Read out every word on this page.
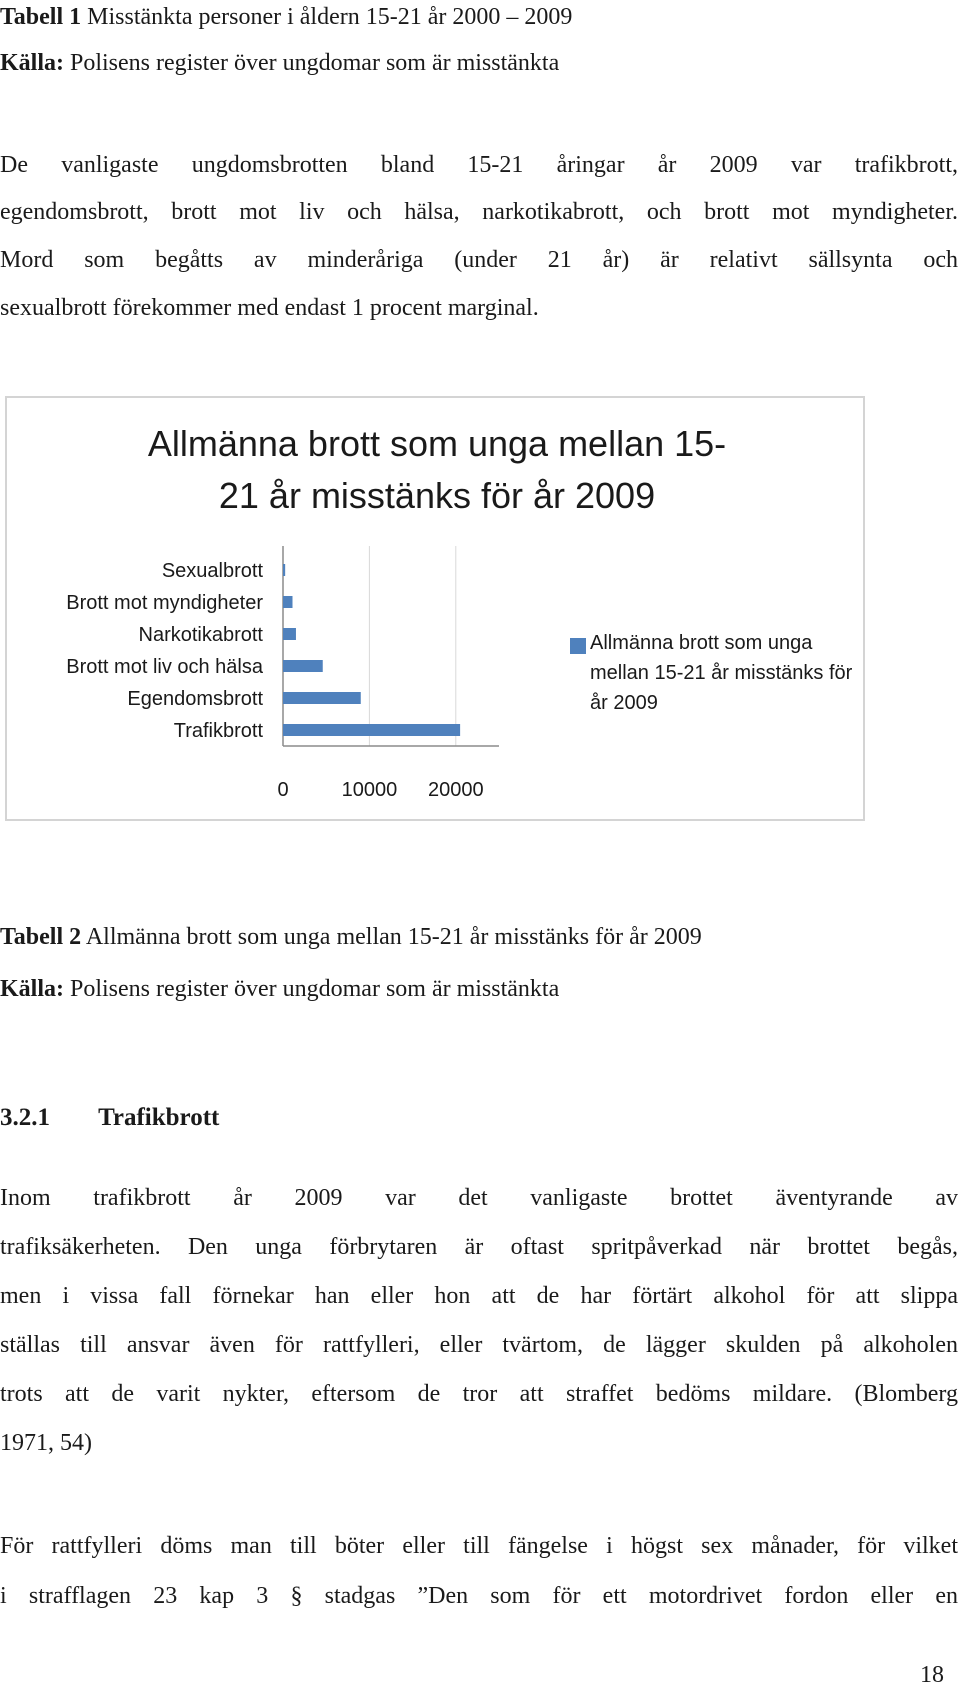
Tabell 1 Misstänkta personer i åldern 15-21 år 2000 – 2009
Källa: Polisens register över ungdomar som är misstänkta
De vanligaste ungdomsbrotten bland 15-21 åringar år 2009 var trafikbrott,
egendomsbrott, brott mot liv och hälsa, narkotikabrott, och brott mot myndigheter.
Mord som begåtts av minderåriga (under 21 år) är relativt sällsynta och
sexualbrott förekommer med endast 1 procent marginal.
Allmänna brott som unga mellan 15-
21 år misstänks för år 2009
Sexualbrott
Brott mot myndigheter
Narkotikabrott
Brott mot liv och hälsa
Egendomsbrott
Trafikbrott
0	10000 20000
Allmänna brott som unga mellan 15-21 år misstänks för år 2009
Tabell 2 Allmänna brott som unga mellan 15-21 år misstänks för år 2009
Källa: Polisens register över ungdomar som är misstänkta
3.2.1 Trafikbrott
Inom trafikbrott år 2009 var det vanligaste brottet äventyrande av
trafiksäkerheten. Den unga förbrytaren är oftast spritpåverkad när brottet begås,
men i vissa fall förnekar han eller hon att de har förtärt alkohol för att slippa
ställas till ansvar även för rattfylleri, eller tvärtom, de lägger skulden på alkoholen
trots att de varit nykter, eftersom de tror att straffet bedöms mildare. (Blomberg
1971, 54)
För rattfylleri döms man till böter eller till fängelse i högst sex månader, för vilket
i strafflagen 23 kap 3 § stadgas ”Den som för ett motordrivet fordon eller en
18
